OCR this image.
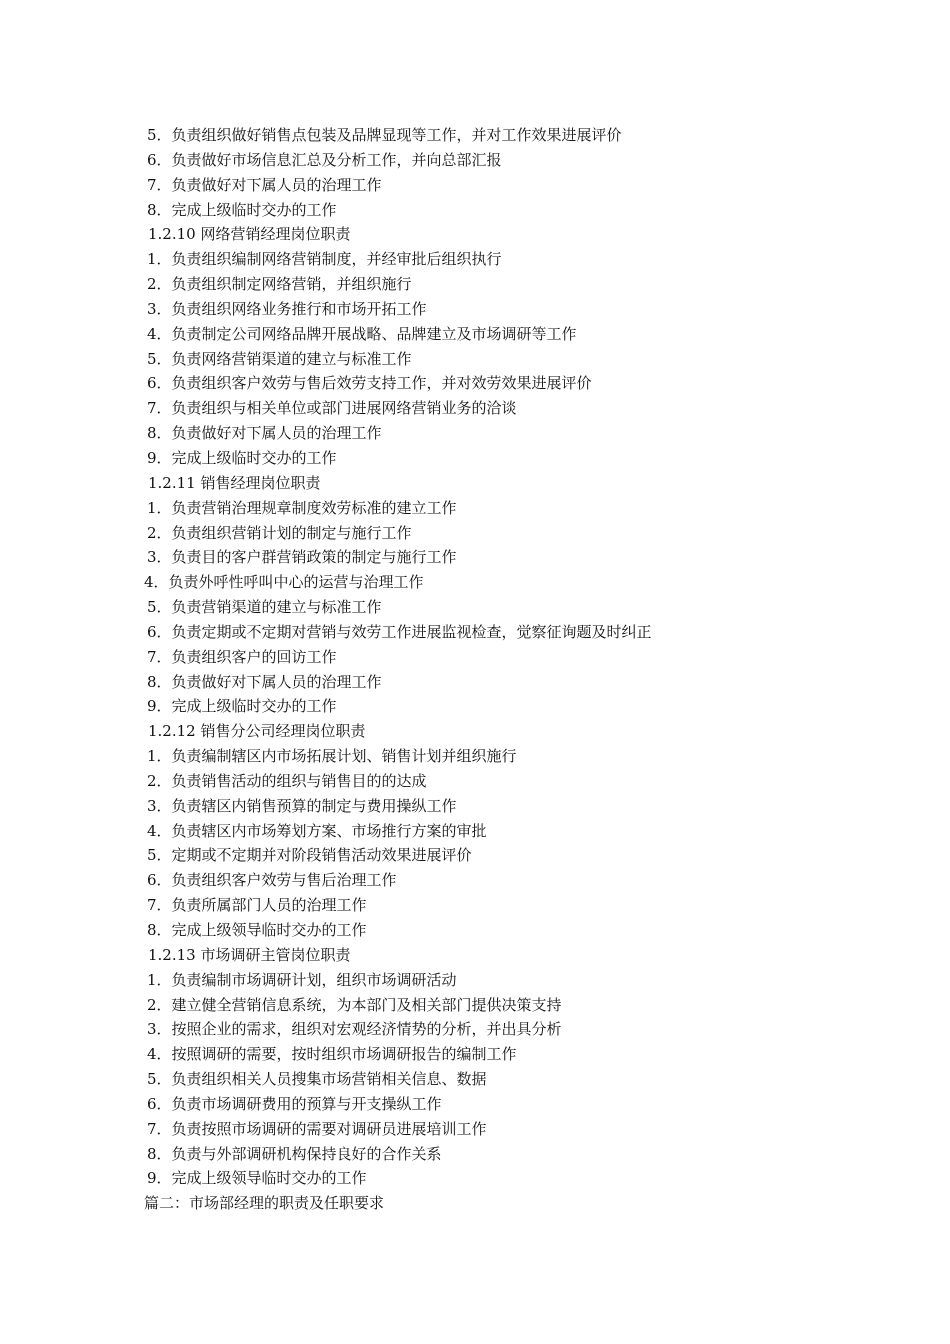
5．负责组织做好销售点包装及品牌显现等工作，并对工作效果进展评价
6．负责做好市场信息汇总及分析工作，并向总部汇报
7．负责做好对下属人员的治理工作
8．完成上级临时交办的工作
1.2.10 网络营销经理岗位职责
1．负责组织编制网络营销制度，并经审批后组织执行
2．负责组织制定网络营销，并组织施行
3．负责组织网络业务推行和市场开拓工作
4．负责制定公司网络品牌开展战略、品牌建立及市场调研等工作
5．负责网络营销渠道的建立与标准工作
6．负责组织客户效劳与售后效劳支持工作，并对效劳效果进展评价
7．负责组织与相关单位或部门进展网络营销业务的洽谈
8．负责做好对下属人员的治理工作
9．完成上级临时交办的工作
1.2.11 销售经理岗位职责
1．负责营销治理规章制度效劳标准的建立工作
2．负责组织营销计划的制定与施行工作
3．负责目的客户群营销政策的制定与施行工作
4．负责外呼性呼叫中心的运营与治理工作
5．负责营销渠道的建立与标准工作
6．负责定期或不定期对营销与效劳工作进展监视检查，觉察征询题及时纠正
7．负责组织客户的回访工作
8．负责做好对下属人员的治理工作
9．完成上级临时交办的工作
1.2.12 销售分公司经理岗位职责
1．负责编制辖区内市场拓展计划、销售计划并组织施行
2．负责销售活动的组织与销售目的的达成
3．负责辖区内销售预算的制定与费用操纵工作
4．负责辖区内市场筹划方案、市场推行方案的审批
5．定期或不定期并对阶段销售活动效果进展评价
6．负责组织客户效劳与售后治理工作
7．负责所属部门人员的治理工作
8．完成上级领导临时交办的工作
1.2.13 市场调研主管岗位职责
1．负责编制市场调研计划，组织市场调研活动
2．建立健全营销信息系统，为本部门及相关部门提供决策支持
3．按照企业的需求，组织对宏观经济情势的分析，并出具分析
4．按照调研的需要，按时组织市场调研报告的编制工作
5．负责组织相关人员搜集市场营销相关信息、数据
6．负责市场调研费用的预算与开支操纵工作
7．负责按照市场调研的需要对调研员进展培训工作
8．负责与外部调研机构保持良好的合作关系
9．完成上级领导临时交办的工作
篇二：市场部经理的职责及任职要求
